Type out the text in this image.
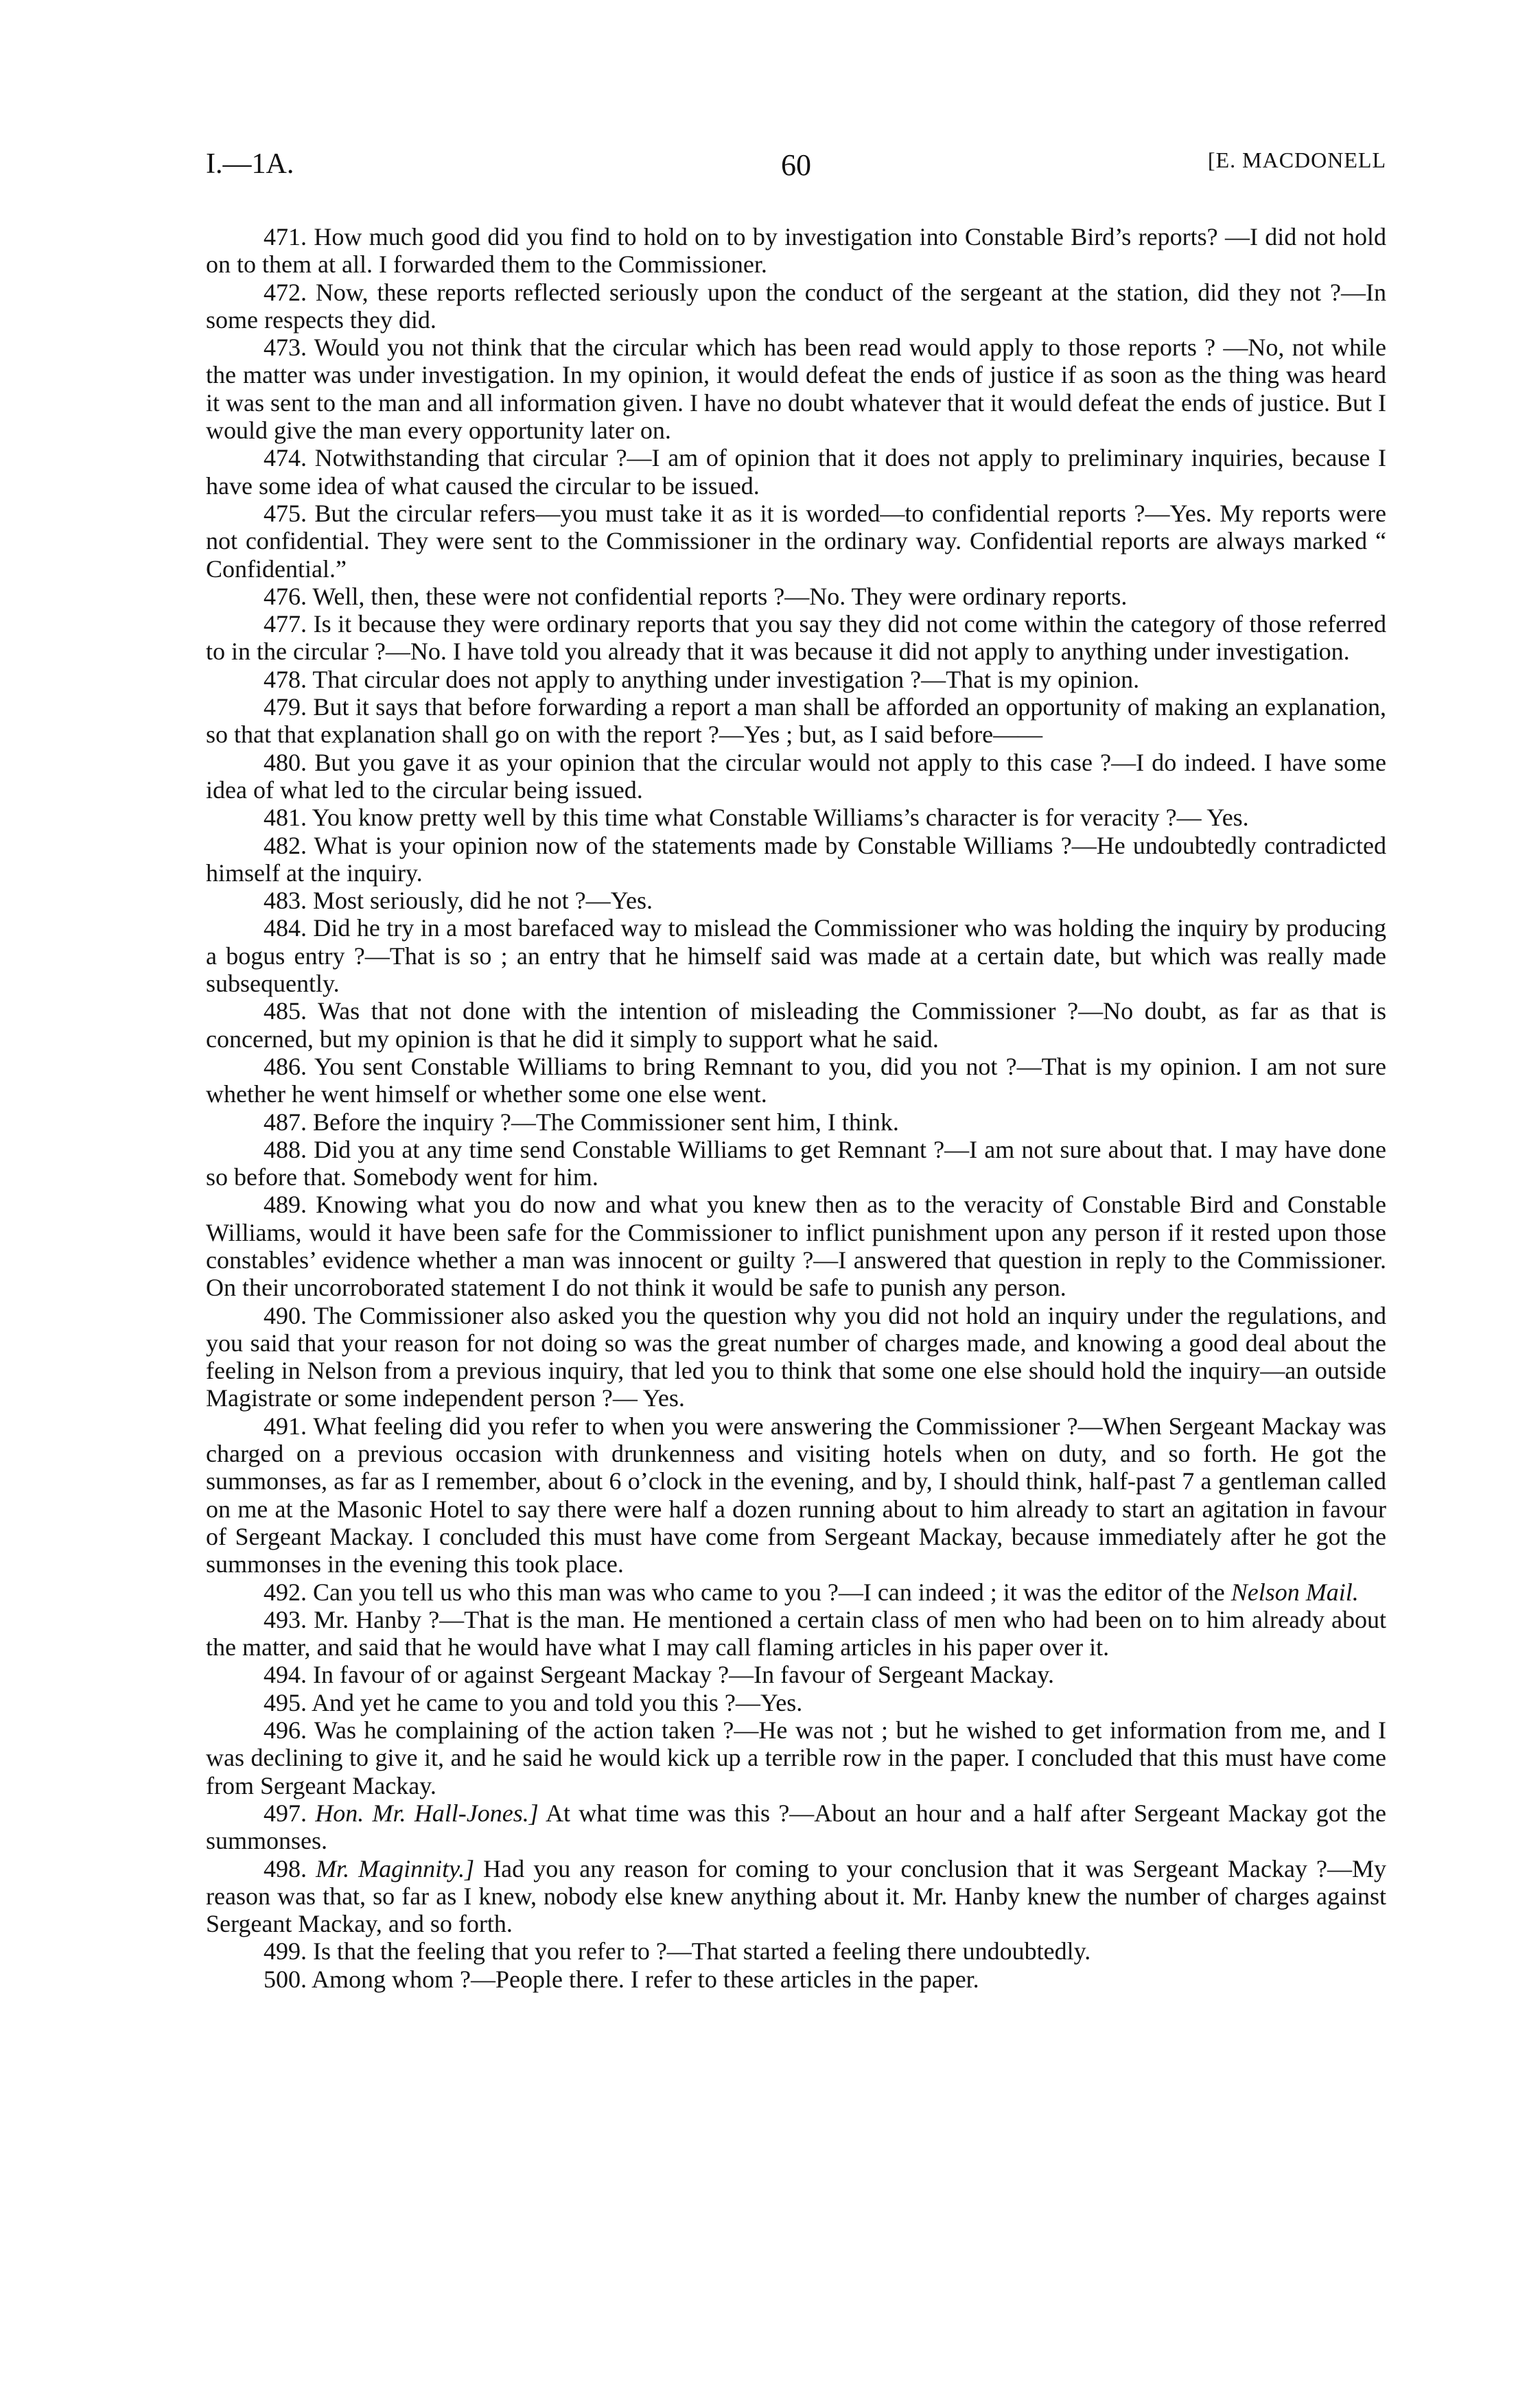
I.—1A.	60	[E. MACDONELL

471. How much good did you find to hold on to by investigation into Constable Bird’s reports? —I did not hold on to them at all. I forwarded them to the Commissioner.

472. Now, these reports reflected seriously upon the conduct of the sergeant at the station, did they not ?—In some respects they did.

473. Would you not think that the circular which has been read would apply to those reports ? —No, not while the matter was under investigation. In my opinion, it would defeat the ends of justice if as soon as the thing was heard it was sent to the man and all information given. I have no doubt whatever that it would defeat the ends of justice. But I would give the man every opportunity later on.

474. Notwithstanding that circular ?—I am of opinion that it does not apply to preliminary inquiries, because I have some idea of what caused the circular to be issued.

475. But the circular refers—you must take it as it is worded—to confidential reports ?—Yes. My reports were not confidential. They were sent to the Commissioner in the ordinary way. Confidential reports are always marked “ Confidential.”

476. Well, then, these were not confidential reports ?—No. They were ordinary reports.

477. Is it because they were ordinary reports that you say they did not come within the category of those referred to in the circular ?—No. I have told you already that it was because it did not apply to anything under investigation.

478. That circular does not apply to anything under investigation ?—That is my opinion.

479. But it says that before forwarding a report a man shall be afforded an opportunity of making an explanation, so that that explanation shall go on with the report ?—Yes ; but, as I said before——

480. But you gave it as your opinion that the circular would not apply to this case ?—I do indeed. I have some idea of what led to the circular being issued.

481. You know pretty well by this time what Constable Williams’s character is for veracity ?— Yes.

482. What is your opinion now of the statements made by Constable Williams ?—He undoubtedly contradicted himself at the inquiry.

483. Most seriously, did he not ?—Yes.

484. Did he try in a most barefaced way to mislead the Commissioner who was holding the inquiry by producing a bogus entry ?—That is so ; an entry that he himself said was made at a certain date, but which was really made subsequently.

485. Was that not done with the intention of misleading the Commissioner ?—No doubt, as far as that is concerned, but my opinion is that he did it simply to support what he said.

486. You sent Constable Williams to bring Remnant to you, did you not ?—That is my opinion. I am not sure whether he went himself or whether some one else went.

487. Before the inquiry ?—The Commissioner sent him, I think.

488. Did you at any time send Constable Williams to get Remnant ?—I am not sure about that. I may have done so before that. Somebody went for him.

489. Knowing what you do now and what you knew then as to the veracity of Constable Bird and Constable Williams, would it have been safe for the Commissioner to inflict punishment upon any person if it rested upon those constables’ evidence whether a man was innocent or guilty ?—I answered that question in reply to the Commissioner. On their uncorroborated statement I do not think it would be safe to punish any person.

490. The Commissioner also asked you the question why you did not hold an inquiry under the regulations, and you said that your reason for not doing so was the great number of charges made, and knowing a good deal about the feeling in Nelson from a previous inquiry, that led you to think that some one else should hold the inquiry—an outside Magistrate or some independent person ?— Yes.

491. What feeling did you refer to when you were answering the Commissioner ?—When Sergeant Mackay was charged on a previous occasion with drunkenness and visiting hotels when on duty, and so forth. He got the summonses, as far as I remember, about 6 o’clock in the evening, and by, I should think, half-past 7 a gentleman called on me at the Masonic Hotel to say there were half a dozen running about to him already to start an agitation in favour of Sergeant Mackay. I concluded this must have come from Sergeant Mackay, because immediately after he got the summonses in the evening this took place.

492. Can you tell us who this man was who came to you ?—I can indeed ; it was the editor of the Nelson Mail.

493. Mr. Hanby ?—That is the man. He mentioned a certain class of men who had been on to him already about the matter, and said that he would have what I may call flaming articles in his paper over it.

494. In favour of or against Sergeant Mackay ?—In favour of Sergeant Mackay.

495. And yet he came to you and told you this ?—Yes.

496. Was he complaining of the action taken ?—He was not ; but he wished to get information from me, and I was declining to give it, and he said he would kick up a terrible row in the paper. I concluded that this must have come from Sergeant Mackay.

497. Hon. Mr. Hall-Jones.] At what time was this ?—About an hour and a half after Sergeant Mackay got the summonses.

498. Mr. Maginnity.] Had you any reason for coming to your conclusion that it was Sergeant Mackay ?—My reason was that, so far as I knew, nobody else knew anything about it. Mr. Hanby knew the number of charges against Sergeant Mackay, and so forth.

499. Is that the feeling that you refer to ?—That started a feeling there undoubtedly.

500. Among whom ?—People there. I refer to these articles in the paper.
